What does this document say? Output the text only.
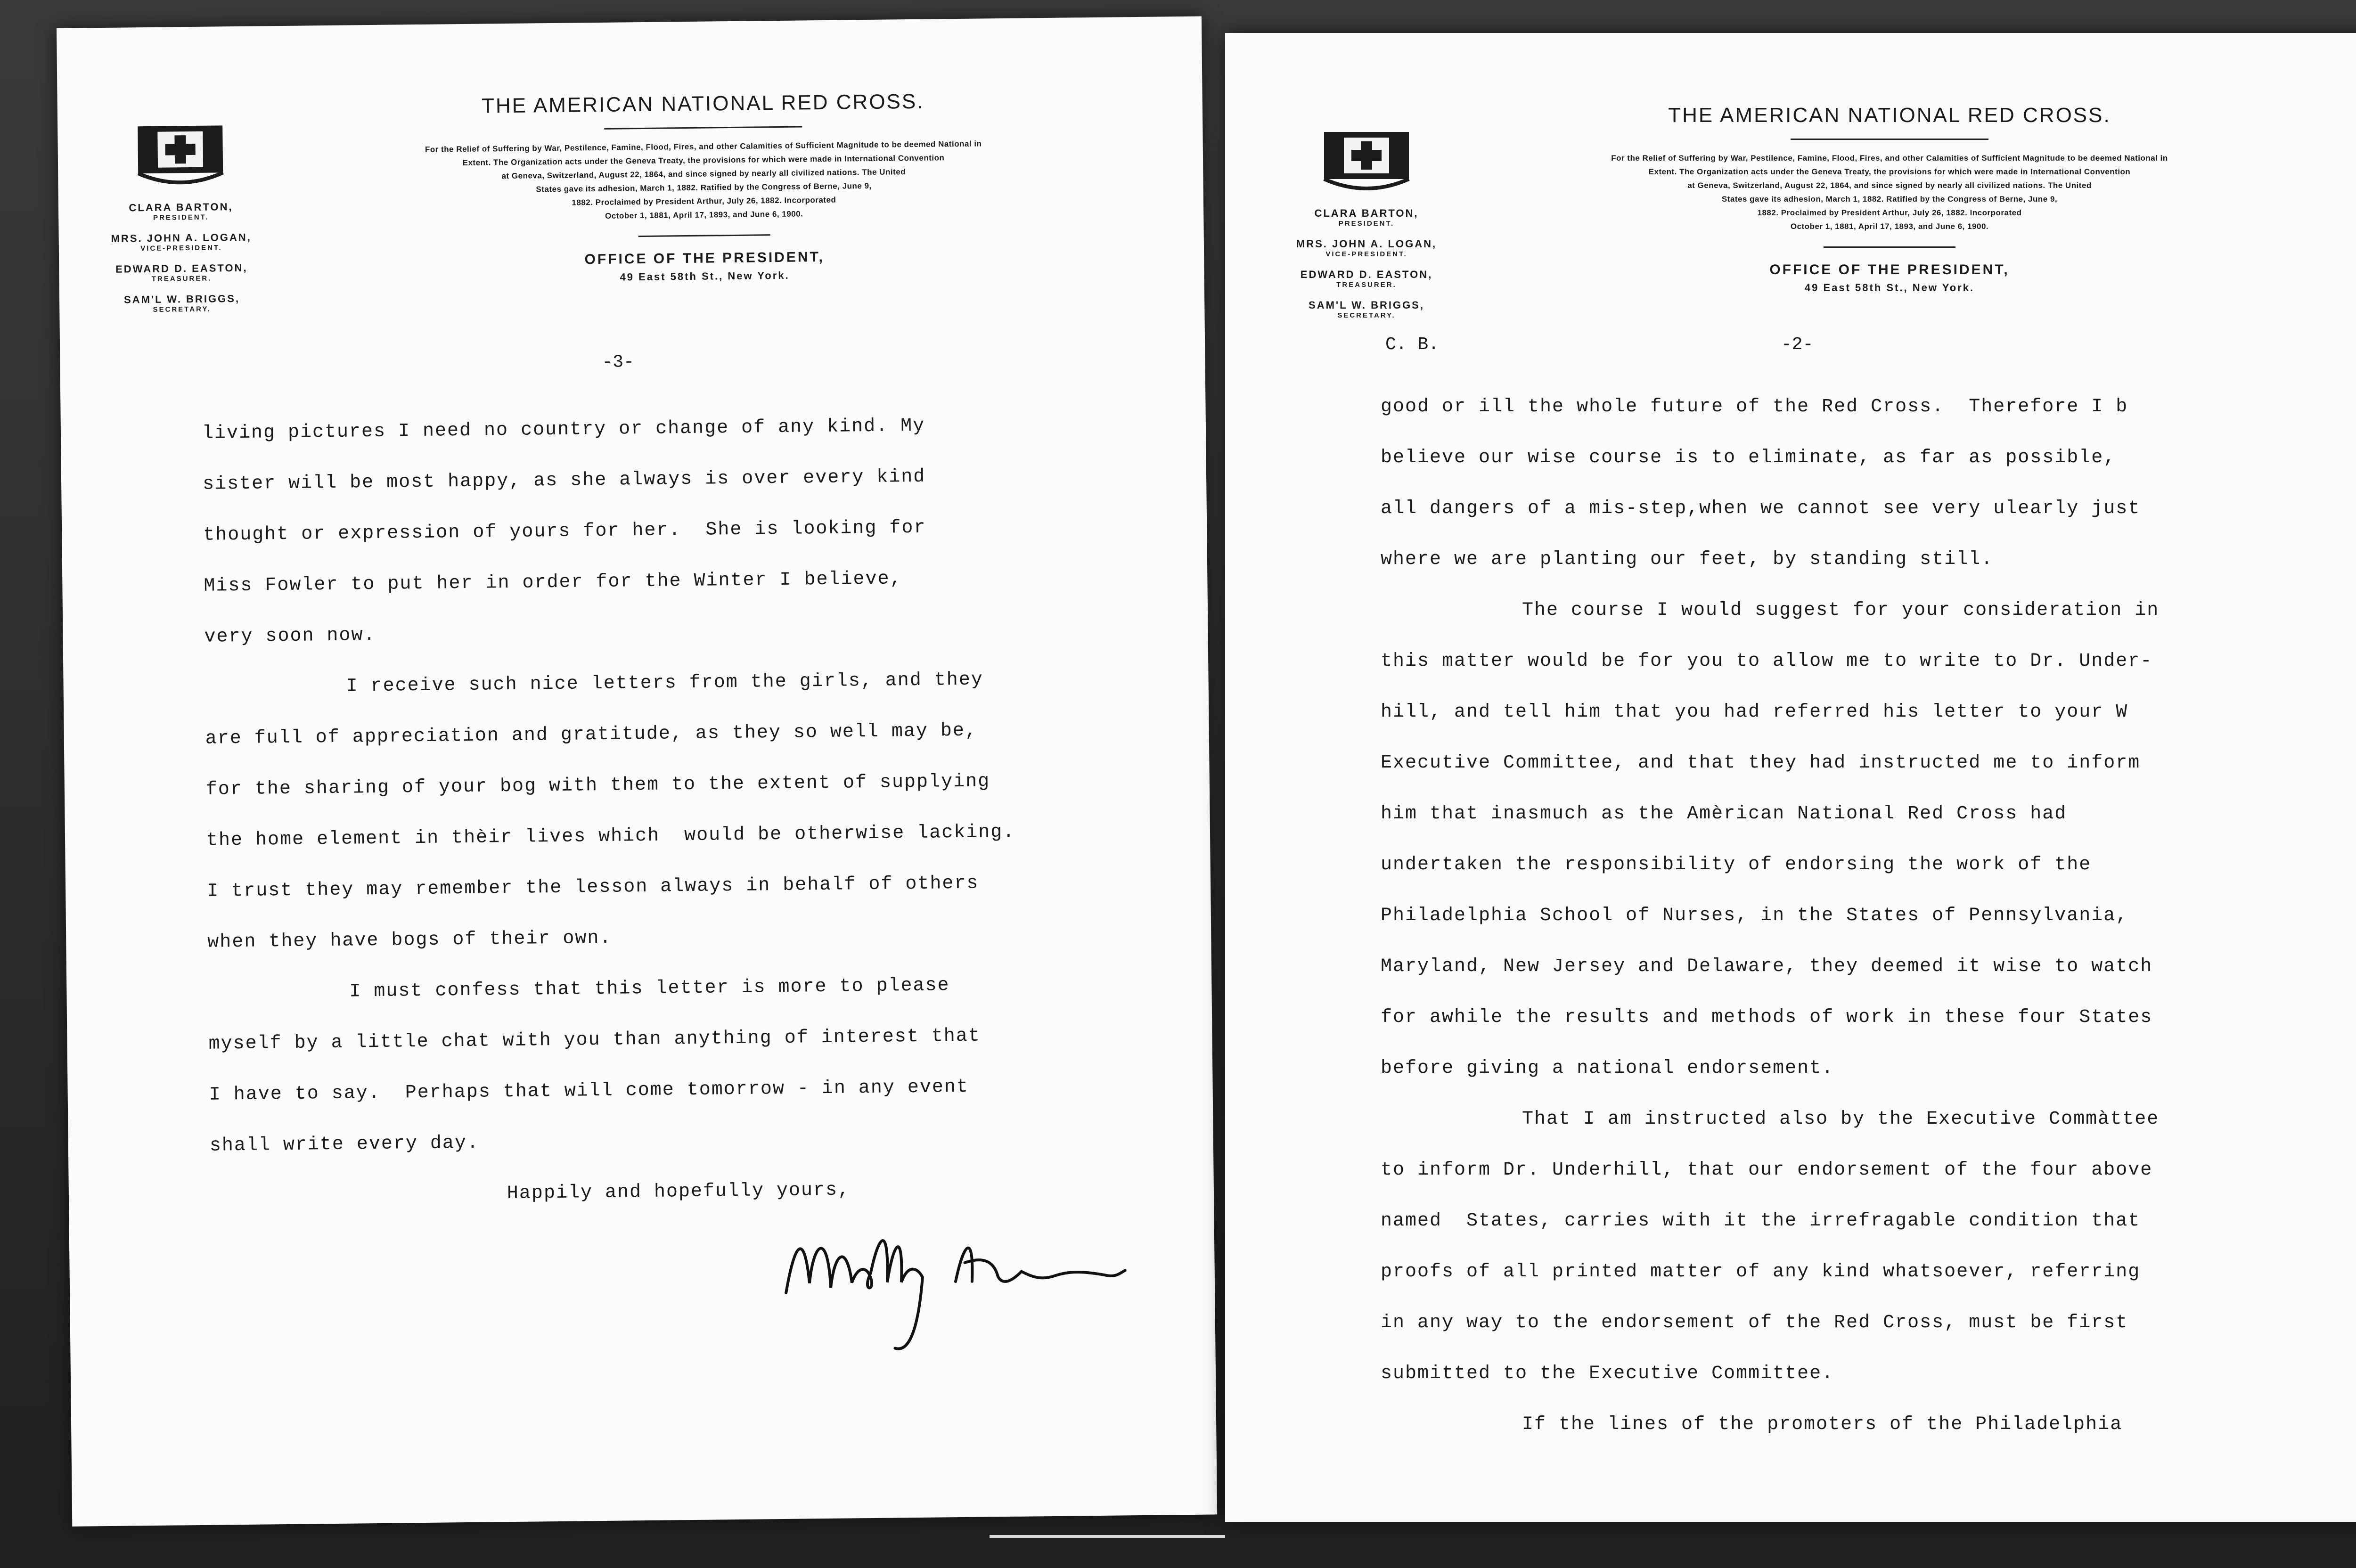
CLARA BARTON,
PRESIDENT.
MRS. JOHN A. LOGAN,
VICE-PRESIDENT.
EDWARD D. EASTON,
TREASURER.
SAM'L W. BRIGGS,
SECRETARY.
THE AMERICAN NATIONAL RED CROSS.
For the Relief of Suffering by War, Pestilence, Famine, Flood, Fires, and other Calamities of Sufficient Magnitude to be deemed National in
Extent. The Organization acts under the Geneva Treaty, the provisions for which were made in International Convention
at Geneva, Switzerland, August 22, 1864, and since signed by nearly all civilized nations. The United
States gave its adhesion, March 1, 1882. Ratified by the Congress of Berne, June 9,
1882. Proclaimed by President Arthur, July 26, 1882. Incorporated
October 1, 1881, April 17, 1893, and June 6, 1900.
OFFICE OF THE PRESIDENT,
49 East 58th St., New York.
-3-
living pictures I need no country or change of any kind. My
sister will be most happy, as she always is over every kind
thought or expression of yours for her.  She is looking for
Miss Fowler to put her in order for the Winter I believe,
very soon now.
I receive such nice letters from the girls, and they
are full of appreciation and gratitude, as they so well may be,
for the sharing of your bog with them to the extent of supplying
the home element in thèir lives which  would be otherwise lacking.
I trust they may remember the lesson always in behalf of others
when they have bogs of their own.
I must confess that this letter is more to please
myself by a little chat with you than anything of interest that
I have to say.  Perhaps that will come tomorrow - in any event
shall write every day.
Happily and hopefully yours,
CLARA BARTON,
PRESIDENT.
MRS. JOHN A. LOGAN,
VICE-PRESIDENT.
EDWARD D. EASTON,
TREASURER.
SAM'L W. BRIGGS,
SECRETARY.
THE AMERICAN NATIONAL RED CROSS.
For the Relief of Suffering by War, Pestilence, Famine, Flood, Fires, and other Calamities of Sufficient Magnitude to be deemed National in
Extent. The Organization acts under the Geneva Treaty, the provisions for which were made in International Convention
at Geneva, Switzerland, August 22, 1864, and since signed by nearly all civilized nations. The United
States gave its adhesion, March 1, 1882. Ratified by the Congress of Berne, June 9,
1882. Proclaimed by President Arthur, July 26, 1882. Incorporated
October 1, 1881, April 17, 1893, and June 6, 1900.
OFFICE OF THE PRESIDENT,
49 East 58th St., New York.
C. B.	-2-
good or ill the whole future of the Red Cross.  Therefore I b
believe our wise course is to eliminate, as far as possible,
all dangers of a mis-step,when we cannot see very ulearly just
where we are planting our feet, by standing still.
The course I would suggest for your consideration in
this matter would be for you to allow me to write to Dr. Under-
hill, and tell him that you had referred his letter to your W
Executive Committee, and that they had instructed me to inform
him that inasmuch as the Amèrican National Red Cross had
undertaken the responsibility of endorsing the work of the
Philadelphia School of Nurses, in the States of Pennsylvania,
Maryland, New Jersey and Delaware, they deemed it wise to watch
for awhile the results and methods of work in these four States
before giving a national endorsement.
That I am instructed also by the Executive Commàttee
to inform Dr. Underhill, that our endorsement of the four above
named  States, carries with it the irrefragable condition that
proofs of all printed matter of any kind whatsoever, referring
in any way to the endorsement of the Red Cross, must be first
submitted to the Executive Committee.
If the lines of the promoters of the Philadelphia
